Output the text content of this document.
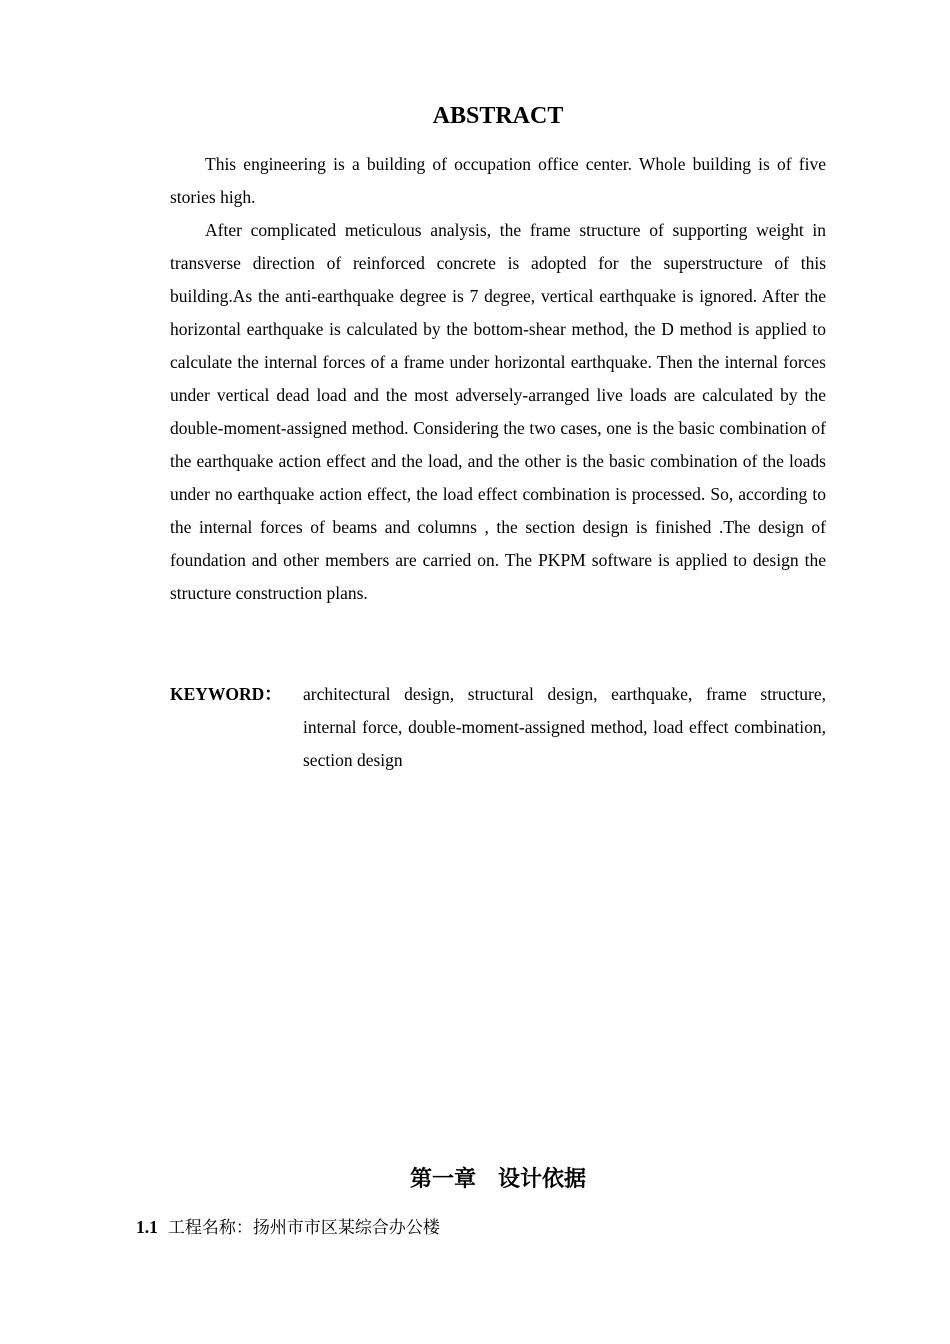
ABSTRACT

This engineering is a building of occupation office center. Whole building is of five stories high.

After complicated meticulous analysis, the frame structure of supporting weight in transverse direction of reinforced concrete is adopted for the superstructure of this building.As the anti-earthquake degree is 7 degree, vertical earthquake is ignored. After the horizontal earthquake is calculated by the bottom-shear method, the D method is applied to calculate the internal forces of a frame under horizontal earthquake. Then the internal forces under vertical dead load and the most adversely-arranged live loads are calculated by the double-moment-assigned method. Considering the two cases, one is the basic combination of the earthquake action effect and the load, and the other is the basic combination of the loads under no earthquake action effect, the load effect combination is processed. So, according to the internal forces of beams and columns , the section design is finished .The design of foundation and other members are carried on. The PKPM software is applied to design the structure construction plans.

KEYWORD：	architectural design, structural design, earthquake, frame structure, internal force, double-moment-assigned method, load effect combination, section design
第一章　设计依据
1.1 工程名称：扬州市市区某综合办公楼
